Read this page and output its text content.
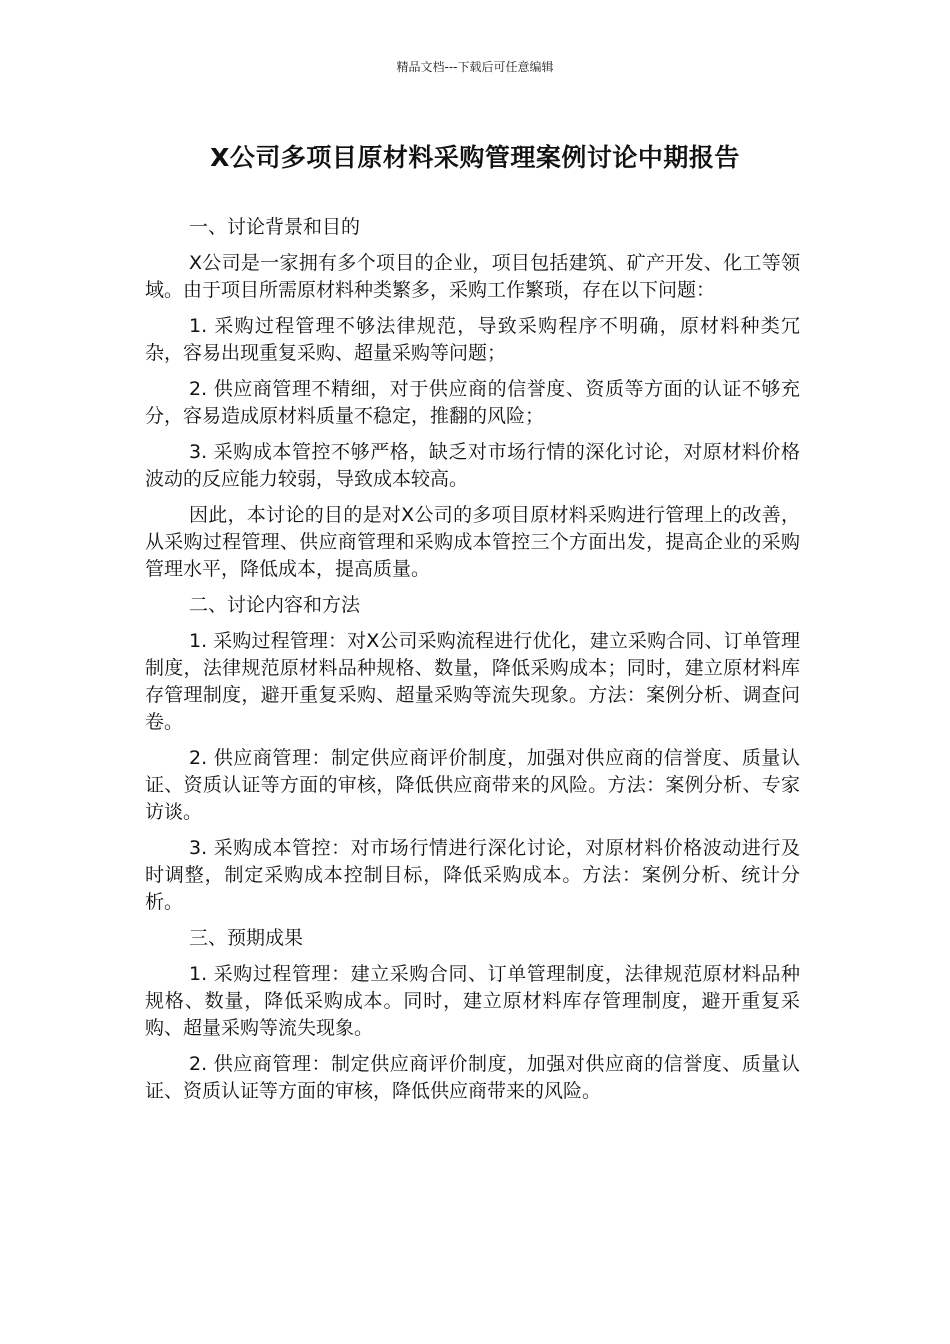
精品文档---下载后可任意编辑
X公司多项目原材料采购管理案例讨论中期报告

一、讨论背景和目的

X公司是一家拥有多个项目的企业，项目包括建筑、矿产开发、化工等领域。由于项目所需原材料种类繁多，采购工作繁琐，存在以下问题：

1. 采购过程管理不够法律规范，导致采购程序不明确，原材料种类冗杂，容易出现重复采购、超量采购等问题；

2. 供应商管理不精细，对于供应商的信誉度、资质等方面的认证不够充分，容易造成原材料质量不稳定，推翻的风险；

3. 采购成本管控不够严格，缺乏对市场行情的深化讨论，对原材料价格波动的反应能力较弱，导致成本较高。

因此，本讨论的目的是对X公司的多项目原材料采购进行管理上的改善，从采购过程管理、供应商管理和采购成本管控三个方面出发，提高企业的采购管理水平，降低成本，提高质量。

二、讨论内容和方法

1. 采购过程管理：对X公司采购流程进行优化，建立采购合同、订单管理制度，法律规范原材料品种规格、数量，降低采购成本；同时，建立原材料库存管理制度，避开重复采购、超量采购等流失现象。方法：案例分析、调查问卷。

2. 供应商管理：制定供应商评价制度，加强对供应商的信誉度、质量认证、资质认证等方面的审核，降低供应商带来的风险。方法：案例分析、专家访谈。

3. 采购成本管控：对市场行情进行深化讨论，对原材料价格波动进行及时调整，制定采购成本控制目标，降低采购成本。方法：案例分析、统计分析。

三、预期成果

1. 采购过程管理：建立采购合同、订单管理制度，法律规范原材料品种规格、数量，降低采购成本。同时，建立原材料库存管理制度，避开重复采购、超量采购等流失现象。

2. 供应商管理：制定供应商评价制度，加强对供应商的信誉度、质量认证、资质认证等方面的审核，降低供应商带来的风险。
